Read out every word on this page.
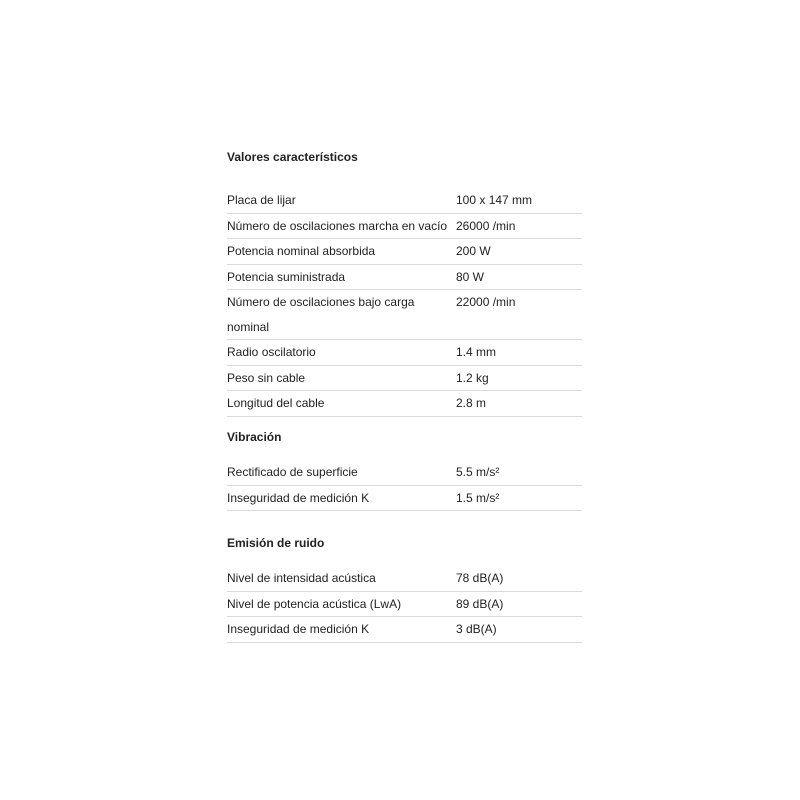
Valores característicos
Placa de lijar	100 x 147 mm
Número de oscilaciones marcha en vacío	26000 /min
Potencia nominal absorbida	200 W
Potencia suministrada	80 W
Número de oscilaciones bajo carga nominal	22000 /min
Radio oscilatorio	1.4 mm
Peso sin cable	1.2 kg
Longitud del cable	2.8 m
Vibración
Rectificado de superficie	5.5 m/s²
Inseguridad de medición K	1.5 m/s²
Emisión de ruido
Nivel de intensidad acústica	78 dB(A)
Nivel de potencia acústica (LwA)	89 dB(A)
Inseguridad de medición K	3 dB(A)
